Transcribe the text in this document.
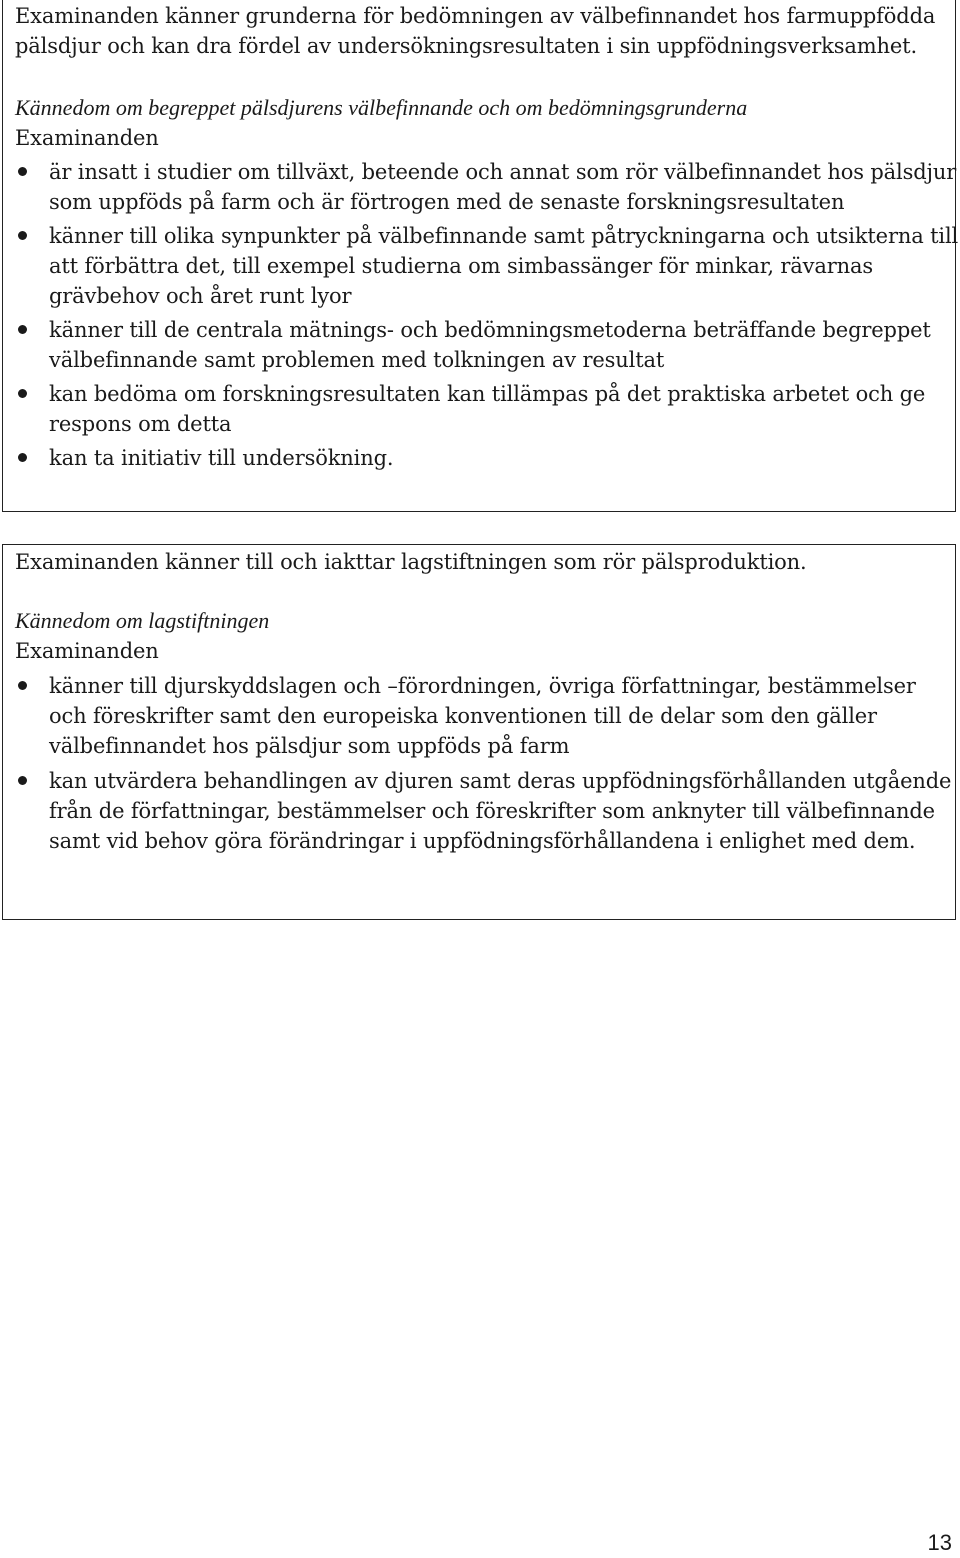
Examinanden känner grunderna för bedömningen av välbefinnandet hos farmuppfödda
pälsdjur och kan dra fördel av undersökningsresultaten i sin uppfödningsverksamhet.
Kännedom om begreppet pälsdjurens välbefinnande och om bedömningsgrunderna
Examinanden
är insatt i studier om tillväxt, beteende och annat som rör välbefinnandet hos pälsdjur
som uppföds på farm och är förtrogen med de senaste forskningsresultaten
känner till olika synpunkter på välbefinnande samt påtryckningarna och utsikterna till
att förbättra det, till exempel studierna om simbassänger för minkar, rävarnas
grävbehov och året runt lyor
känner till de centrala mätnings- och bedömningsmetoderna beträffande begreppet
välbefinnande samt problemen med tolkningen av resultat
kan bedöma om forskningsresultaten kan tillämpas på det praktiska arbetet och ge
respons om detta
kan ta initiativ till undersökning.
Examinanden känner till och iakttar lagstiftningen som rör pälsproduktion.
Kännedom om lagstiftningen
Examinanden
känner till djurskyddslagen och –förordningen, övriga författningar, bestämmelser
och föreskrifter samt den europeiska konventionen till de delar som den gäller
välbefinnandet hos pälsdjur som uppföds på farm
kan utvärdera behandlingen av djuren samt deras uppfödningsförhållanden utgående
från de författningar, bestämmelser och föreskrifter som anknyter till välbefinnande
samt vid behov göra förändringar i uppfödningsförhållandena i enlighet med dem.
13
